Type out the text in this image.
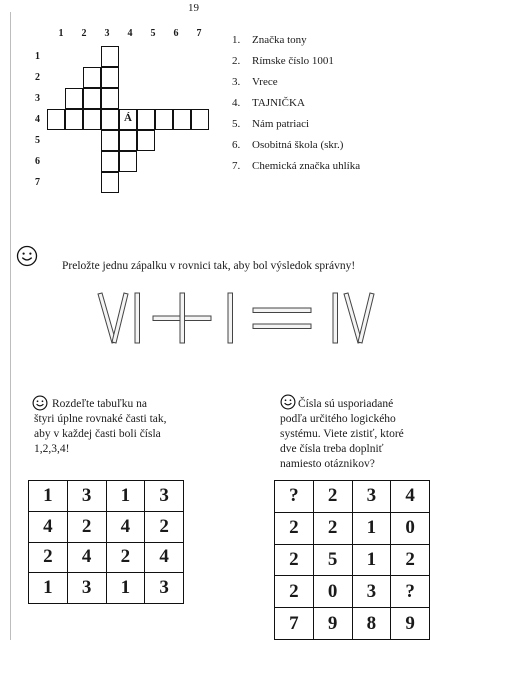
19
1	2	3	4	5	6	7
1
2
3
4
5
6
7
Á
1. Značka tony
2. Rímske číslo 1001
3. Vrece
4. TAJNIČKA
5. Nám patriaci
6. Osobitná škola (skr.)
7. Chemická značka uhlíka
Preložte jednu zápalku v rovnici tak, aby bol výsledok správny!
Rozdeľte tabuľku na
štyri úplne rovnaké časti tak,
aby v každej časti boli čísla
1,2,3,4!
1	3	1	3
4	2	4	2
2	4	2	4
1	3	1	3
Čísla sú usporiadané
podľa určitého logického
systému. Viete zistiť, ktoré
dve čísla treba doplniť
namiesto otáznikov?
?	2	3	4
2	2	1	0
2	5	1	2
2	0	3	?
7	9	8	9
